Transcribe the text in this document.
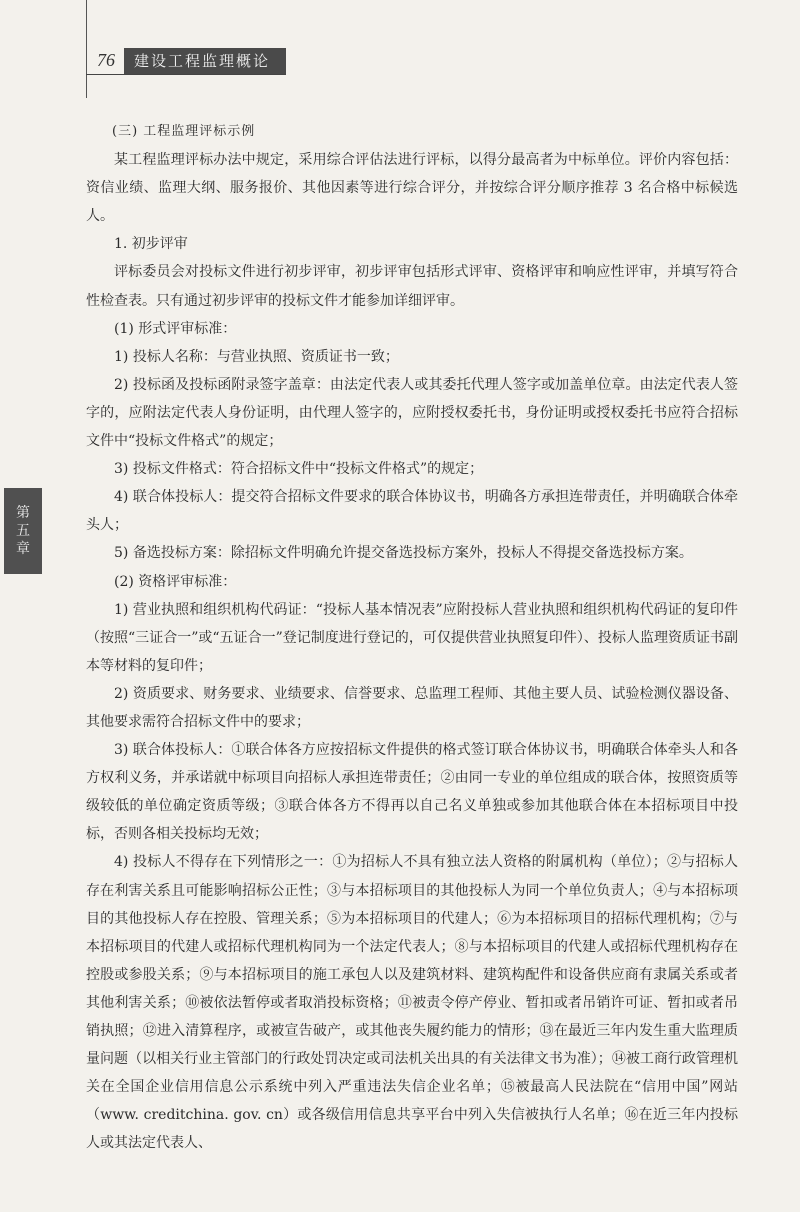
76	建设工程监理概论
第
五
章

(三) 工程监理评标示例

某工程监理评标办法中规定，采用综合评估法进行评标，以得分最高者为中标单位。评价内容包括：资信业绩、监理大纲、服务报价、其他因素等进行综合评分，并按综合评分顺序推荐 3 名合格中标候选人。

1. 初步评审

评标委员会对投标文件进行初步评审，初步评审包括形式评审、资格评审和响应性评审，并填写符合性检查表。只有通过初步评审的投标文件才能参加详细评审。

(1) 形式评审标准：

1) 投标人名称：与营业执照、资质证书一致；

2) 投标函及投标函附录签字盖章：由法定代表人或其委托代理人签字或加盖单位章。由法定代表人签字的，应附法定代表人身份证明，由代理人签字的，应附授权委托书，身份证明或授权委托书应符合招标文件中“投标文件格式”的规定；

3) 投标文件格式：符合招标文件中“投标文件格式”的规定；

4) 联合体投标人：提交符合招标文件要求的联合体协议书，明确各方承担连带责任，并明确联合体牵头人；

5) 备选投标方案：除招标文件明确允许提交备选投标方案外，投标人不得提交备选投标方案。

(2) 资格评审标准：

1) 营业执照和组织机构代码证：“投标人基本情况表”应附投标人营业执照和组织机构代码证的复印件（按照“三证合一”或“五证合一”登记制度进行登记的，可仅提供营业执照复印件）、投标人监理资质证书副本等材料的复印件；

2) 资质要求、财务要求、业绩要求、信誉要求、总监理工程师、其他主要人员、试验检测仪器设备、其他要求需符合招标文件中的要求；

3) 联合体投标人：①联合体各方应按招标文件提供的格式签订联合体协议书，明确联合体牵头人和各方权利义务，并承诺就中标项目向招标人承担连带责任；②由同一专业的单位组成的联合体，按照资质等级较低的单位确定资质等级；③联合体各方不得再以自己名义单独或参加其他联合体在本招标项目中投标，否则各相关投标均无效；

4) 投标人不得存在下列情形之一：①为招标人不具有独立法人资格的附属机构（单位）；②与招标人存在利害关系且可能影响招标公正性；③与本招标项目的其他投标人为同一个单位负责人；④与本招标项目的其他投标人存在控股、管理关系；⑤为本招标项目的代建人；⑥为本招标项目的招标代理机构；⑦与本招标项目的代建人或招标代理机构同为一个法定代表人；⑧与本招标项目的代建人或招标代理机构存在控股或参股关系；⑨与本招标项目的施工承包人以及建筑材料、建筑构配件和设备供应商有隶属关系或者其他利害关系；⑩被依法暂停或者取消投标资格；⑪被责令停产停业、暂扣或者吊销许可证、暂扣或者吊销执照；⑫进入清算程序，或被宣告破产，或其他丧失履约能力的情形；⑬在最近三年内发生重大监理质量问题（以相关行业主管部门的行政处罚决定或司法机关出具的有关法律文书为准）；⑭被工商行政管理机关在全国企业信用信息公示系统中列入严重违法失信企业名单；⑮被最高人民法院在“信用中国”网站（www. creditchina. gov. cn）或各级信用信息共享平台中列入失信被执行人名单；⑯在近三年内投标人或其法定代表人、
